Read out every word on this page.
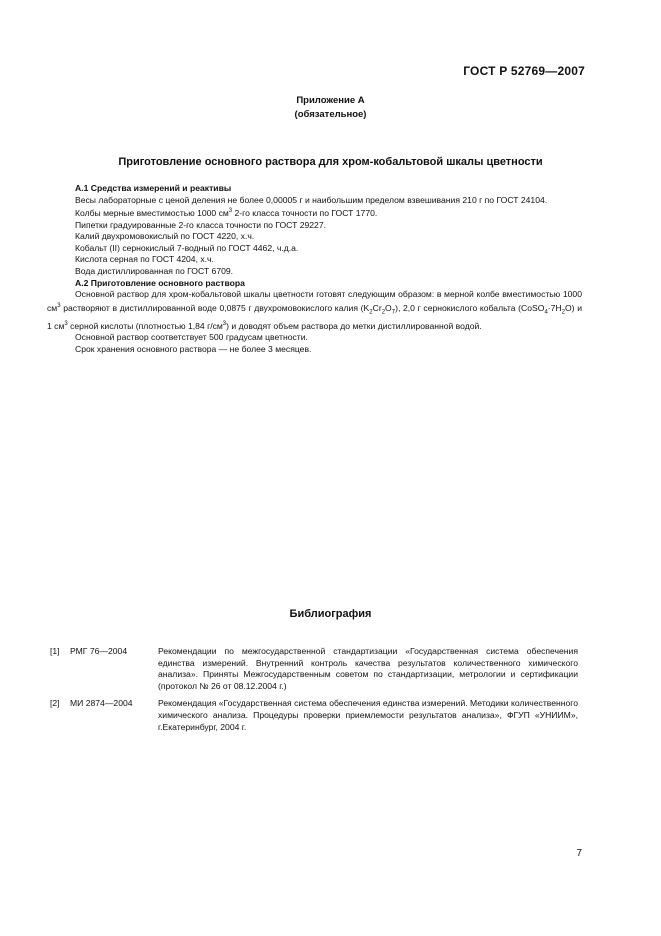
ГОСТ Р 52769—2007
Приложение А
(обязательное)
Приготовление основного раствора для хром-кобальтовой шкалы цветности

А.1 Средства измерений и реактивы

Весы лабораторные с ценой деления не более 0,00005 г и наибольшим пределом взвешивания 210 г по ГОСТ 24104.

Колбы мерные вместимостью 1000 $см^3$ 2-го класса точности по ГОСТ 1770.

Пипетки градуированные 2-го класса точности по ГОСТ 29227.

Калий двухромовокислый по ГОСТ 4220, х.ч.

Кобальт (II) сернокислый 7-водный по ГОСТ 4462, ч.д.а.

Кислота серная по ГОСТ 4204, х.ч.

Вода дистиллированная по ГОСТ 6709.

А.2 Приготовление основного раствора

Основной раствор для хром-кобальтовой шкалы цветности готовят следующим образом: в мерной колбе вместимостью 1000 $см^3$ растворяют в дистиллированной воде 0,0875 г двухромовокислого калия $(K_2Cr_2O_7)$, 2,0 г сернокислого кобальта $(CoSO_4\cdot 7H_2O)$ и 1 $см^3$ серной кислоты (плотностью 1,84 $г/см^3$) и доводят объем раствора до метки дистиллированной водой.

Основной раствор соответствует 500 градусам цветности.

Срок хранения основного раствора — не более 3 месяцев.

Библиография
[1]	РМГ 76—2004	Рекомендации по межгосударственной стандартизации «Государственная система обеспечения единства измерений. Внутренний контроль качества результатов количественного химического анализа». Приняты Межгосударственным советом по стандартизации, метрологии и сертификации (протокол № 26 от 08.12.2004 г.)
[2]	МИ 2874—2004	Рекомендация «Государственная система обеспечения единства измерений. Методики количественного химического анализа. Процедуры проверки приемлемости результатов анализа», ФГУП «УНИИМ», г.Екатеринбург, 2004 г.
7
